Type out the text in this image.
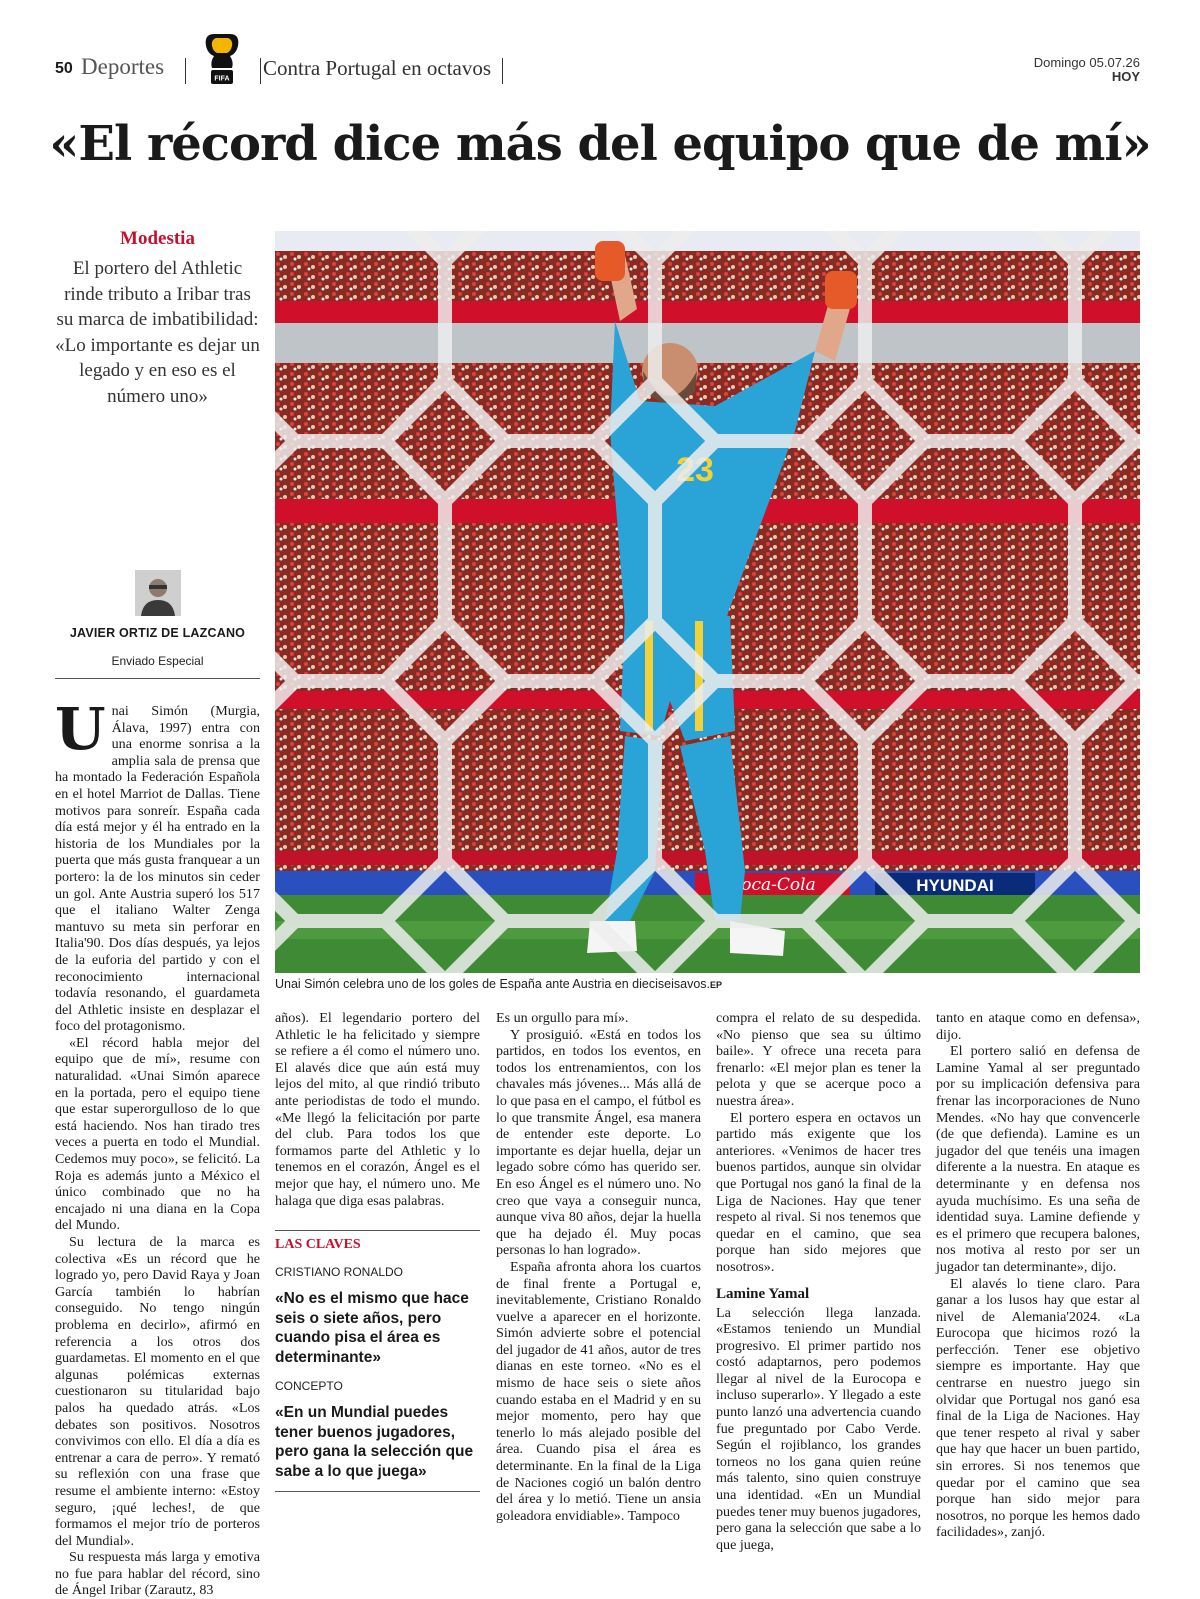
50 Deportes	FIFA Contra Portugal en octavos	Domingo 05.07.26
HOY
«El récord dice más del equipo que de mí»
Modestia
El portero del Athletic rinde tributo a Iribar tras su marca de imbatibilidad: «Lo importante es dejar un legado y en eso es el número uno»
JAVIER ORTIZ DE LAZCANO
Enviado Especial
Unai Simón celebra uno de los goles de España ante Austria en dieciseisavos.EP

Unai Simón (Murgia, Álava, 1997) entra con una enorme sonrisa a la amplia sala de prensa que ha montado la Federación Española en el hotel Marriot de Dallas. Tiene motivos para sonreír. España cada día está mejor y él ha entrado en la historia de los Mundiales por la puerta que más gusta franquear a un portero: la de los minutos sin ceder un gol. Ante Austria superó los 517 que el italiano Walter Zenga mantuvo su meta sin perforar en Italia'90. Dos días después, ya lejos de la euforia del partido y con el reconocimiento internacional todavía resonando, el guardameta del Athletic insiste en desplazar el foco del protagonismo.

«El récord habla mejor del equipo que de mí», resume con naturalidad. «Unai Simón aparece en la portada, pero el equipo tiene que estar superorgulloso de lo que está haciendo. Nos han tirado tres veces a puerta en todo el Mundial. Cedemos muy poco», se felicitó. La Roja es además junto a México el único combinado que no ha encajado ni una diana en la Copa del Mundo.

Su lectura de la marca es colectiva «Es un récord que he logrado yo, pero David Raya y Joan García también lo habrían conseguido. No tengo ningún problema en decirlo», afirmó en referencia a los otros dos guardametas. El momento en el que algunas polémicas externas cuestionaron su titularidad bajo palos ha quedado atrás. «Los debates son positivos. Nosotros convivimos con ello. El día a día es entrenar a cara de perro». Y remató su reflexión con una frase que resume el ambiente interno: «Estoy seguro, ¡qué leches!, de que formamos el mejor trío de porteros del Mundial».

Su respuesta más larga y emotiva no fue para hablar del récord, sino de Ángel Iribar (Zarautz, 83

años). El legendario portero del Athletic le ha felicitado y siempre se refiere a él como el número uno. El alavés dice que aún está muy lejos del mito, al que rindió tributo ante periodistas de todo el mundo. «Me llegó la felicitación por parte del club. Para todos los que formamos parte del Athletic y lo tenemos en el corazón, Ángel es el mejor que hay, el número uno. Me halaga que diga esas palabras.

LAS CLAVES
CRISTIANO RONALDO
«No es el mismo que hace seis o siete años, pero cuando pisa el área es determinante»
CONCEPTO
«En un Mundial puedes tener buenos jugadores, pero gana la selección que sabe a lo que juega»

Es un orgullo para mí».

Y prosiguió. «Está en todos los partidos, en todos los eventos, en todos los entrenamientos, con los chavales más jóvenes... Más allá de lo que pasa en el campo, el fútbol es lo que transmite Ángel, esa manera de entender este deporte. Lo importante es dejar huella, dejar un legado sobre cómo has querido ser. En eso Ángel es el número uno. No creo que vaya a conseguir nunca, aunque viva 80 años, dejar la huella que ha dejado él. Muy pocas personas lo han logrado».

España afronta ahora los cuartos de final frente a Portugal e, inevitablemente, Cristiano Ronaldo vuelve a aparecer en el horizonte. Simón advierte sobre el potencial del jugador de 41 años, autor de tres dianas en este torneo. «No es el mismo de hace seis o siete años cuando estaba en el Madrid y en su mejor momento, pero hay que tenerlo lo más alejado posible del área. Cuando pisa el área es determinante. En la final de la Liga de Naciones cogió un balón dentro del área y lo metió. Tiene un ansia goleadora envidiable». Tampoco

compra el relato de su despedida. «No pienso que sea su último baile». Y ofrece una receta para frenarlo: «El mejor plan es tener la pelota y que se acerque poco a nuestra área».

El portero espera en octavos un partido más exigente que los anteriores. «Venimos de hacer tres buenos partidos, aunque sin olvidar que Portugal nos ganó la final de la Liga de Naciones. Hay que tener respeto al rival. Si nos tenemos que quedar en el camino, que sea porque han sido mejores que nosotros».

Lamine Yamal

La selección llega lanzada. «Estamos teniendo un Mundial progresivo. El primer partido nos costó adaptarnos, pero podemos llegar al nivel de la Eurocopa e incluso superarlo». Y llegado a este punto lanzó una advertencia cuando fue preguntado por Cabo Verde. Según el rojiblanco, los grandes torneos no los gana quien reúne más talento, sino quien construye una identidad. «En un Mundial puedes tener muy buenos jugadores, pero gana la selección que sabe a lo que juega,

tanto en ataque como en defensa», dijo.

El portero salió en defensa de Lamine Yamal al ser preguntado por su implicación defensiva para frenar las incorporaciones de Nuno Mendes. «No hay que convencerle (de que defienda). Lamine es un jugador del que tenéis una imagen diferente a la nuestra. En ataque es determinante y en defensa nos ayuda muchísimo. Es una seña de identidad suya. Lamine defiende y es el primero que recupera balones, nos motiva al resto por ser un jugador tan determinante», dijo.

El alavés lo tiene claro. Para ganar a los lusos hay que estar al nivel de Alemania'2024. «La Eurocopa que hicimos rozó la perfección. Tener ese objetivo siempre es importante. Hay que centrarse en nuestro juego sin olvidar que Portugal nos ganó esa final de la Liga de Naciones. Hay que tener respeto al rival y saber que hay que hacer un buen partido, sin errores. Si nos tenemos que quedar por el camino que sea porque han sido mejor para nosotros, no porque les hemos dado facilidades», zanjó.
